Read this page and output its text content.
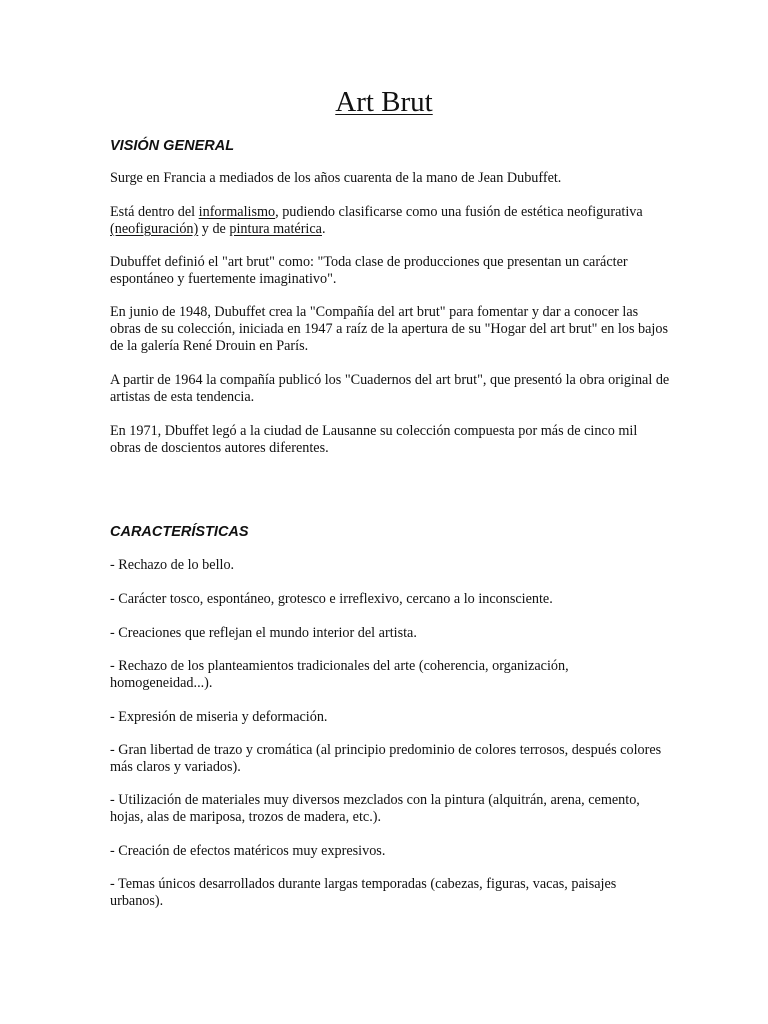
Art Brut
VISIÓN GENERAL

Surge en Francia a mediados de los años cuarenta de la mano de Jean Dubuffet.

Está dentro del informalismo, pudiendo clasificarse como una fusión de estética neofigurativa (neofiguración) y de pintura matérica.

Dubuffet definió el "art brut" como: "Toda clase de producciones que presentan un carácter espontáneo y fuertemente imaginativo".

En junio de 1948, Dubuffet crea la "Compañía del art brut" para fomentar y dar a conocer las obras de su colección, iniciada en 1947 a raíz de la apertura de su "Hogar del art brut" en los bajos de la galería René Drouin en París.

A partir de 1964 la compañía publicó los "Cuadernos del art brut", que presentó la obra original de artistas de esta tendencia.

En 1971, Dbuffet legó a la ciudad de Lausanne su colección compuesta por más de cinco mil obras de doscientos autores diferentes.

CARACTERÍSTICAS

- Rechazo de lo bello.

- Carácter tosco, espontáneo, grotesco e irreflexivo, cercano a lo inconsciente.

- Creaciones que reflejan el mundo interior del artista.

- Rechazo de los planteamientos tradicionales del arte (coherencia, organización, homogeneidad...).

- Expresión de miseria y deformación.

- Gran libertad de trazo y cromática (al principio predominio de colores terrosos, después colores más claros y variados).

- Utilización de materiales muy diversos mezclados con la pintura (alquitrán, arena, cemento, hojas, alas de mariposa, trozos de madera, etc.).

- Creación de efectos matéricos muy expresivos.

- Temas únicos desarrollados durante largas temporadas (cabezas, figuras, vacas, paisajes urbanos).
